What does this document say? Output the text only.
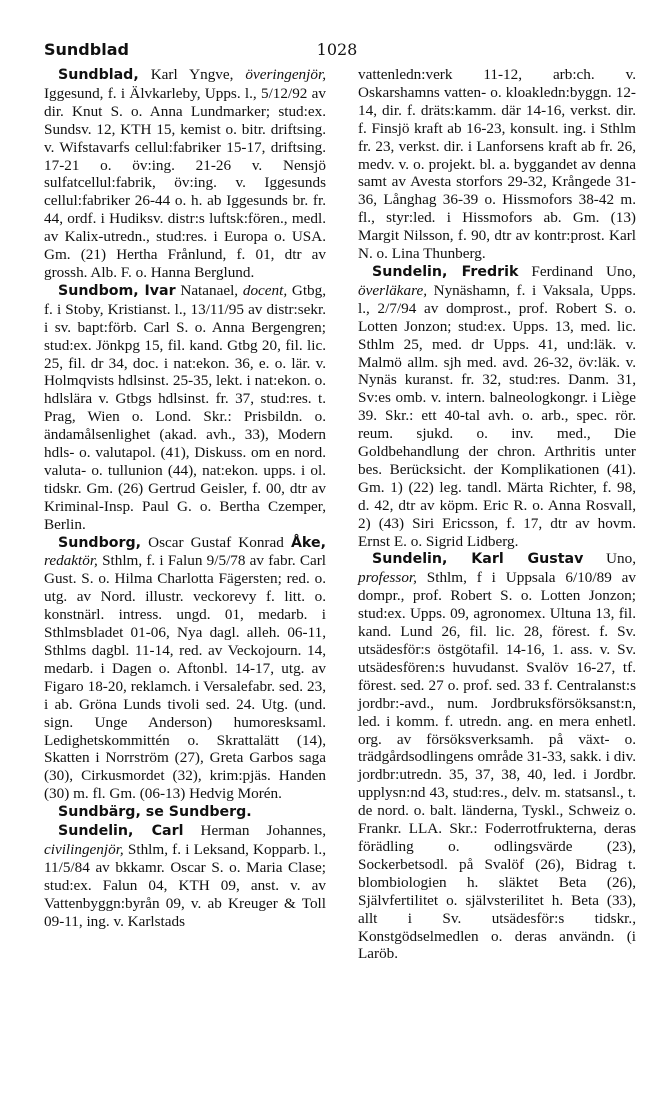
Sundblad	1028

Sundblad, Karl Yngve, överingenjör, Iggesund, f. i Älvkarleby, Upps. l., 5/12/92 av dir. Knut S. o. Anna Lundmarker; stud:ex. Sundsv. 12, KTH 15, kemist o. bitr. driftsing. v. Wifstavarfs cellul:fabriker 15-17, driftsing. 17-21 o. öv:ing. 21-26 v. Nensjö sulfatcellul:fabrik, öv:ing. v. Iggesunds cellul:fabriker 26-44 o. h. ab Iggesunds br. fr. 44, ordf. i Hudiksv. distr:s luftsk:fören., medl. av Kalix-utredn., stud:res. i Europa o. USA. Gm. (21) Hertha Frånlund, f. 01, dtr av grossh. Alb. F. o. Hanna Berglund.

Sundbom, Ivar Natanael, docent, Gtbg, f. i Stoby, Kristianst. l., 13/11/95 av distr:sekr. i sv. bapt:förb. Carl S. o. Anna Bergengren; stud:ex. Jönkpg 15, fil. kand. Gtbg 20, fil. lic. 25, fil. dr 34, doc. i nat:ekon. 36, e. o. lär. v. Holmqvists hdlsinst. 25-35, lekt. i nat:ekon. o. hdlslära v. Gtbgs hdlsinst. fr. 37, stud:res. t. Prag, Wien o. Lond. Skr.: Prisbildn. o. ändamålsenlighet (akad. avh., 33), Modern hdls- o. valutapol. (41), Diskuss. om en nord. valuta- o. tullunion (44), nat:ekon. upps. i ol. tidskr. Gm. (26) Gertrud Geisler, f. 00, dtr av Kriminal-Insp. Paul G. o. Bertha Czemper, Berlin.

Sundborg, Oscar Gustaf Konrad Åke, redaktör, Sthlm, f. i Falun 9/5/78 av fabr. Carl Gust. S. o. Hilma Charlotta Fägersten; red. o. utg. av Nord. illustr. veckorevy f. litt. o. konstnärl. intress. ungd. 01, medarb. i Sthlmsbladet 01-06, Nya dagl. alleh. 06-11, Sthlms dagbl. 11-14, red. av Veckojourn. 14, medarb. i Dagen o. Aftonbl. 14-17, utg. av Figaro 18-20, reklamch. i Versalefabr. sed. 23, i ab. Gröna Lunds tivoli sed. 24. Utg. (und. sign. Unge Anderson) humoresksaml. Ledighetskommittén o. Skrattalätt (14), Skatten i Norrström (27), Greta Garbos saga (30), Cirkusmordet (32), krim:pjäs. Handen (30) m. fl. Gm. (06-13) Hedvig Morén.

Sundbärg, se Sundberg.

Sundelin, Carl Herman Johannes, civilingenjör, Sthlm, f. i Leksand, Kopparb. l., 11/5/84 av bkkamr. Oscar S. o. Maria Clase; stud:ex. Falun 04, KTH 09, anst. v. av Vattenbyggn:byrån 09, v. ab Kreuger & Toll 09-11, ing. v. Karlstads

vattenledn:verk 11-12, arb:ch. v. Oskarshamns vatten- o. kloakledn:byggn. 12-14, dir. f. dräts:kamm. där 14-16, verkst. dir. f. Finsjö kraft ab 16-23, konsult. ing. i Sthlm fr. 23, verkst. dir. i Lanforsens kraft ab fr. 26, medv. v. o. projekt. bl. a. byggandet av denna samt av Avesta storfors 29-32, Krångede 31-36, Långhag 36-39 o. Hissmofors 38-42 m. fl., styr:led. i Hissmofors ab. Gm. (13) Margit Nilsson, f. 90, dtr av kontr:prost. Karl N. o. Lina Thunberg.

Sundelin, Fredrik Ferdinand Uno, överläkare, Nynäshamn, f. i Vaksala, Upps. l., 2/7/94 av domprost., prof. Robert S. o. Lotten Jonzon; stud:ex. Upps. 13, med. lic. Sthlm 25, med. dr Upps. 41, und:läk. v. Malmö allm. sjh med. avd. 26-32, öv:läk. v. Nynäs kuranst. fr. 32, stud:res. Danm. 31, Sv:es omb. v. intern. balneologkongr. i Liège 39. Skr.: ett 40-tal avh. o. arb., spec. rör. reum. sjukd. o. inv. med., Die Goldbehandlung der chron. Arthritis unter bes. Berücksicht. der Komplikationen (41). Gm. 1) (22) leg. tandl. Märta Richter, f. 98, d. 42, dtr av köpm. Eric R. o. Anna Rosvall, 2) (43) Siri Ericsson, f. 17, dtr av hovm. Ernst E. o. Sigrid Lidberg.

Sundelin, Karl Gustav Uno, professor, Sthlm, f i Uppsala 6/10/89 av dompr., prof. Robert S. o. Lotten Jonzon; stud:ex. Upps. 09, agronomex. Ultuna 13, fil. kand. Lund 26, fil. lic. 28, förest. f. Sv. utsädesför:s östgötafil. 14-16, 1. ass. v. Sv. utsädesfören:s huvudanst. Svalöv 16-27, tf. förest. sed. 27 o. prof. sed. 33 f. Centralanst:s jordbr:-avd., num. Jordbruksförsöksanst:n, led. i komm. f. utredn. ang. en mera enhetl. org. av försöksverksamh. på växt- o. trädgårdsodlingens område 31-33, sakk. i div. jordbr:utredn. 35, 37, 38, 40, led. i Jordbr. upplysn:nd 43, stud:res., delv. m. statsansl., t. de nord. o. balt. länderna, Tyskl., Schweiz o. Frankr. LLA. Skr.: Foderrotfrukterna, deras förädling o. odlingsvärde (23), Sockerbetsodl. på Svalöf (26), Bidrag t. blombiologien h. släktet Beta (26), Självfertilitet o. självsterilitet h. Beta (33), allt i Sv. utsädesför:s tidskr., Konstgödselmedlen o. deras användn. (i Laröb.
